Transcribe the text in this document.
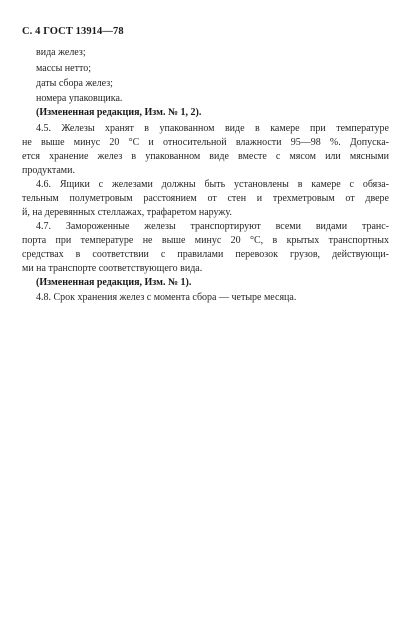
С. 4 ГОСТ 13914—78
вида желез;
массы нетто;
даты сбора желез;
номера упаковщика.
(Измененная редакция, Изм. № 1, 2).
4.5. Железы хранят в упакованном виде в камере при температуре
не выше минус 20 °С и относительной влажности 95—98 %. Допуска-
ется хранение желез в упакованном виде вместе с мясом или мясными
продуктами.
4.6. Ящики с железами должны быть установлены в камере с обяза-
тельным полуметровым расстоянием от стен и трехметровым от двере
й, на деревянных стеллажах, трафаретом наружу.
4.7. Замороженные железы транспортируют всеми видами транс-
порта при температуре не выше минус 20 °С, в крытых транспортных
средствах в соответствии с правилами перевозок грузов, действующи-
ми на транспорте соответствующего вида.
(Измененная редакция, Изм. № 1).
4.8. Срок хранения желез с момента сбора — четыре месяца.
